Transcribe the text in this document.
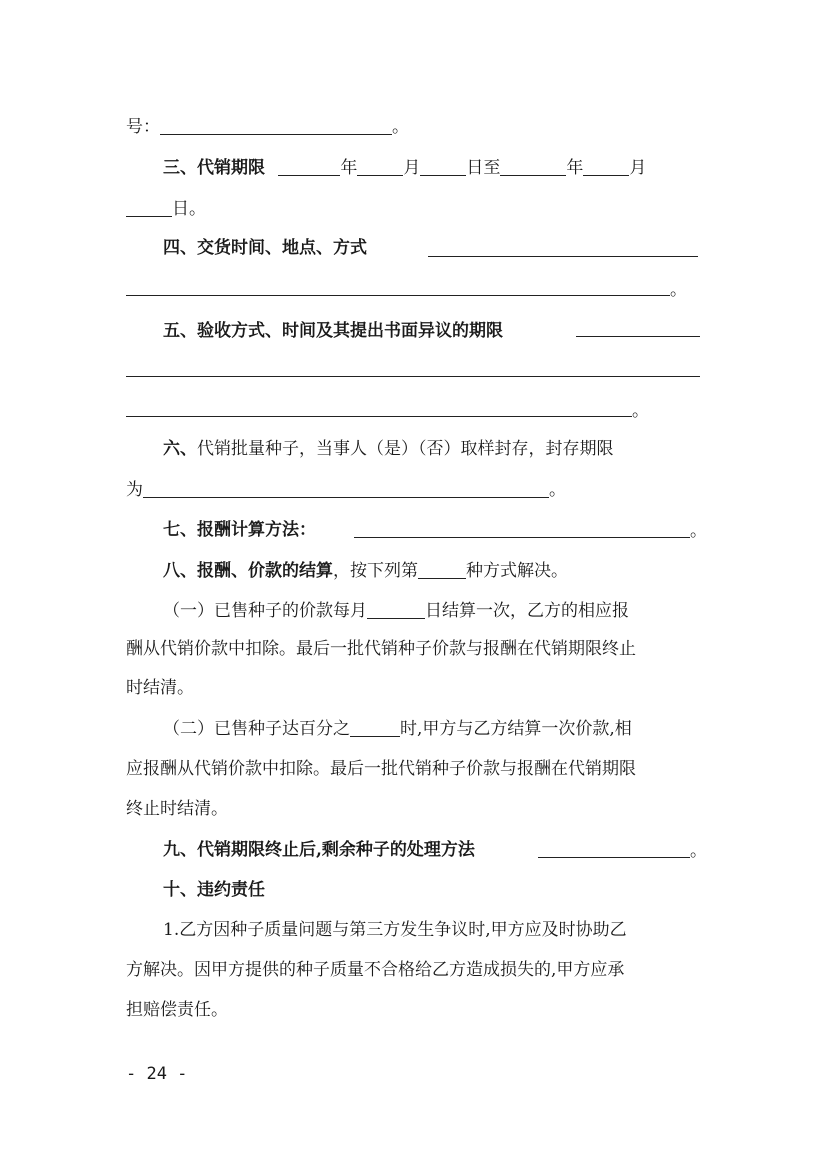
号：	。
三、代销期限	年	月	日至	年	月
日。
四、交货时间、地点、方式
。
五、验收方式、时间及其提出书面异议的期限
。
六、代销批量种子，当事人（是）（否）取样封存，封存期限
为	。
七、报酬计算方法：	。
八、报酬、价款的结算，按下列第	种方式解决。
（一）已售种子的价款每月	日结算一次，乙方的相应报
酬从代销价款中扣除。最后一批代销种子价款与报酬在代销期限终止
时结清。
（二）已售种子达百分之	时,甲方与乙方结算一次价款,相
应报酬从代销价款中扣除。最后一批代销种子价款与报酬在代销期限
终止时结清。
九、代销期限终止后,剩余种子的处理方法	。
十、违约责任
1.乙方因种子质量问题与第三方发生争议时,甲方应及时协助乙
方解决。因甲方提供的种子质量不合格给乙方造成损失的,甲方应承
担赔偿责任。
- 24 -
